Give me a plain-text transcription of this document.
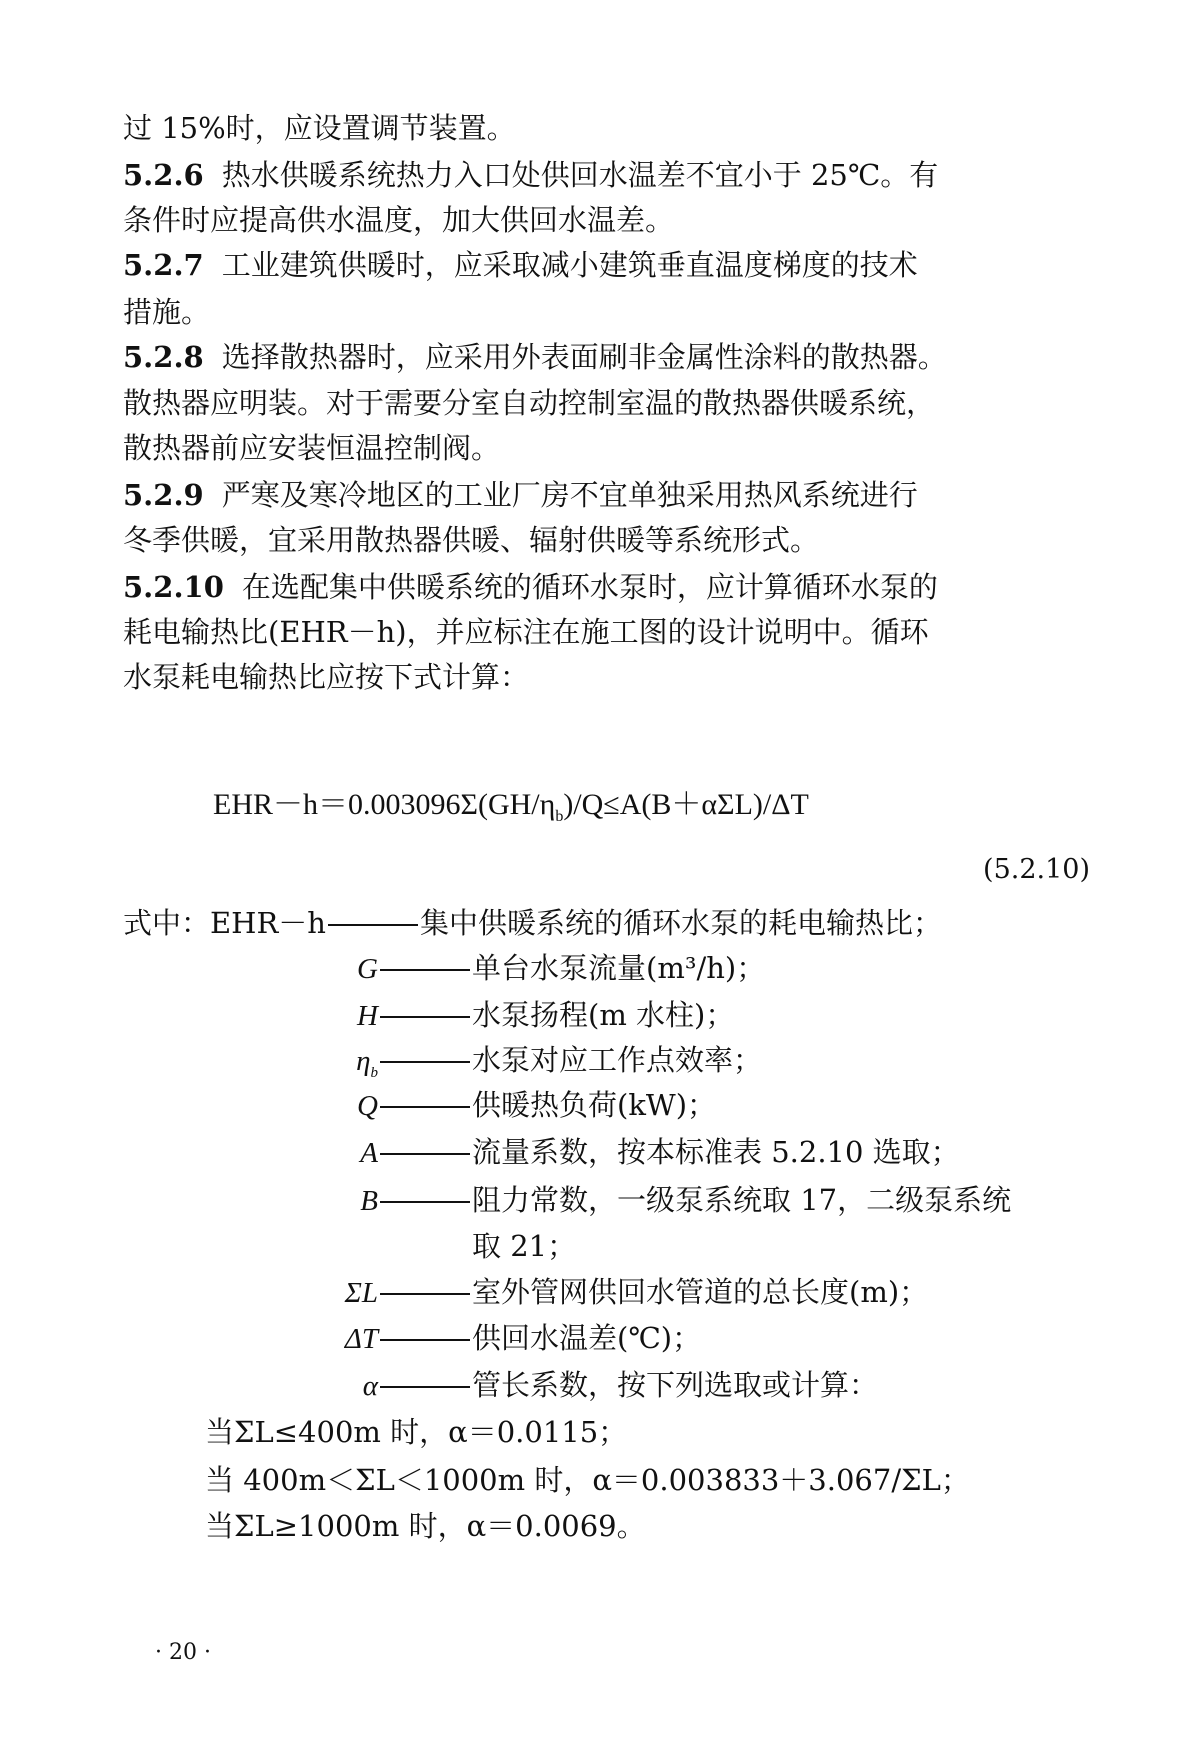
过 15%时，应设置调节装置。
5.2.6 热水供暖系统热力入口处供回水温差不宜小于 25℃。有
条件时应提高供水温度，加大供回水温差。
5.2.7 工业建筑供暖时，应采取减小建筑垂直温度梯度的技术
措施。
5.2.8 选择散热器时，应采用外表面刷非金属性涂料的散热器。
散热器应明装。对于需要分室自动控制室温的散热器供暖系统，
散热器前应安装恒温控制阀。
5.2.9 严寒及寒冷地区的工业厂房不宜单独采用热风系统进行
冬季供暖，宜采用散热器供暖、辐射供暖等系统形式。
5.2.10 在选配集中供暖系统的循环水泵时，应计算循环水泵的
耗电输热比(EHR－h)，并应标注在施工图的设计说明中。循环
水泵耗电输热比应按下式计算：
$EHR-h=0.003096\Sigma(GH/\eta_b)/Q\le A(B+\alpha\Sigma L)/\Delta T$
(5.2.10)
式中：EHR－h	集中供暖系统的循环水泵的耗电输热比；
G	单台水泵流量(m³/h)；
H	水泵扬程(m 水柱)；
$\eta_b$	水泵对应工作点效率；
Q	供暖热负荷(kW)；
A	流量系数，按本标准表 5.2.10 选取；
B	阻力常数，一级泵系统取 17，二级泵系统
取 21；
ΣL	室外管网供回水管道的总长度(m)；
ΔT	供回水温差(℃)；
α	管长系数，按下列选取或计算：
当ΣL≤400m 时，α＝0.0115；
当 400m＜ΣL＜1000m 时，α＝0.003833＋3.067/ΣL；
当ΣL≥1000m 时，α＝0.0069。
· 20 ·
